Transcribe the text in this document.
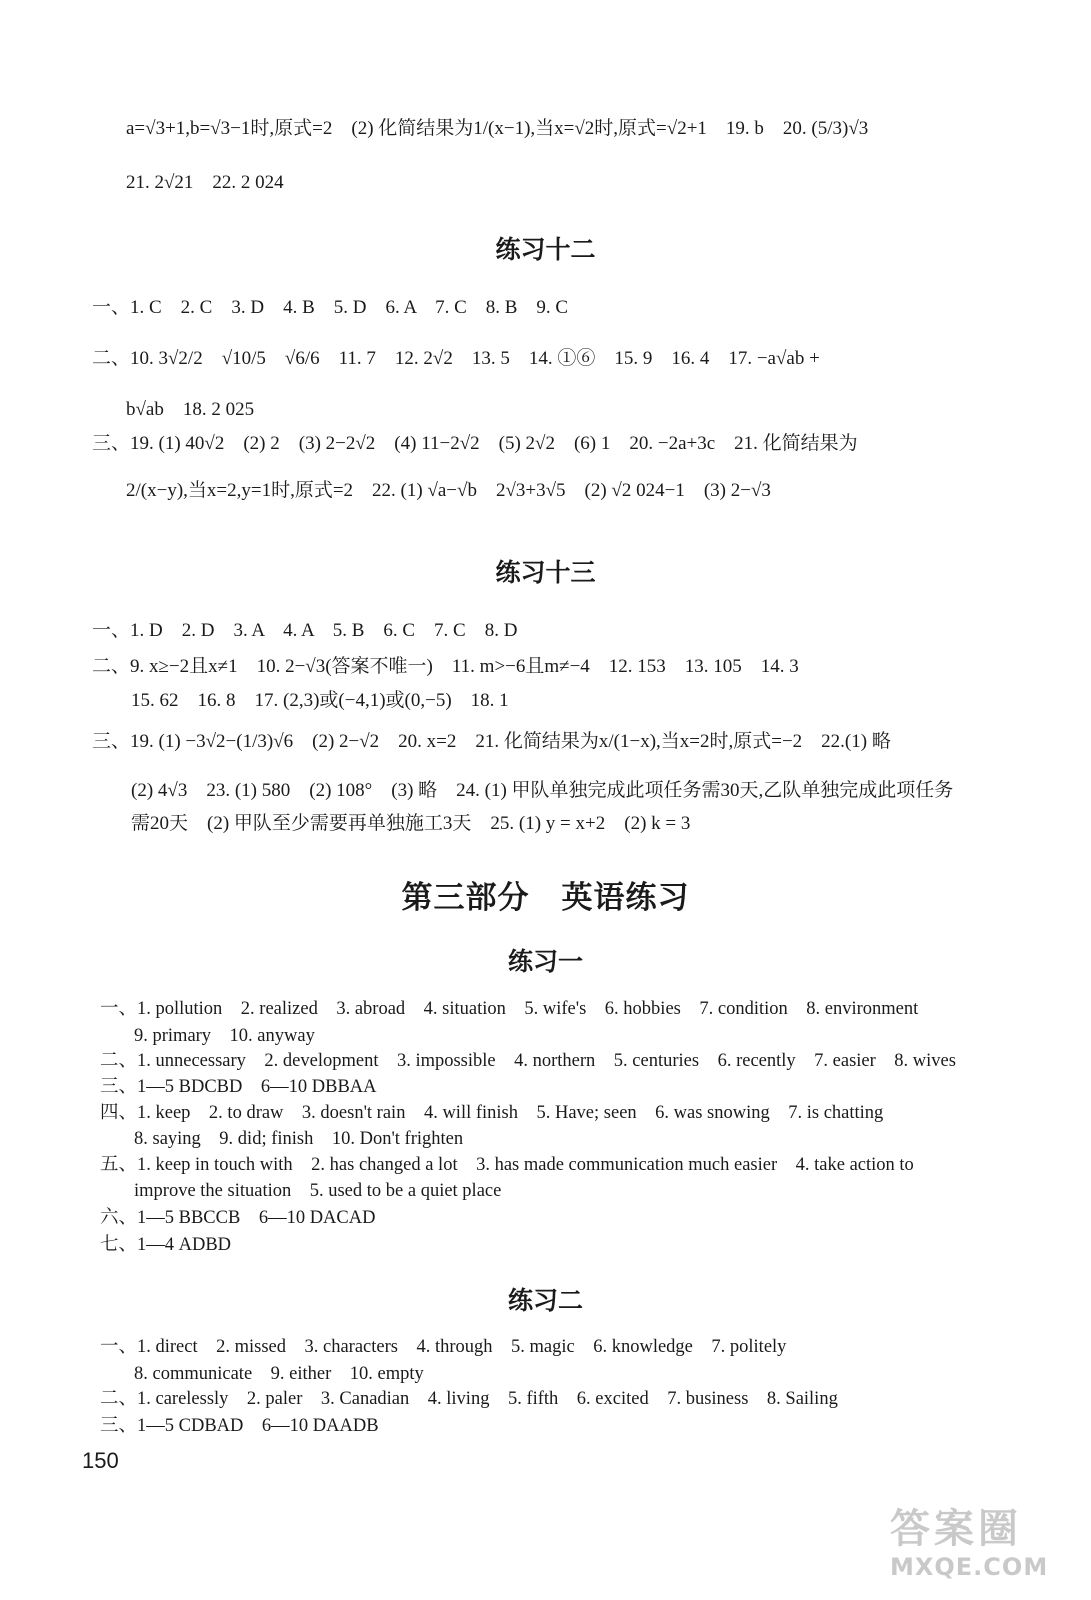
a=√3+1,b=√3−1时,原式=2　(2) 化简结果为1/(x−1),当x=√2时,原式=√2+1　19. b　20. (5/3)√3
21. 2√21　22. 2 024
练习十二
一、1. C　2. C　3. D　4. B　5. D　6. A　7. C　8. B　9. C
二、10. 3√2/2　√10/5　√6/6　11. 7　12. 2√2　13. 5　14. ①⑥　15. 9　16. 4　17. −a√ab +
b√ab　18. 2 025
三、19. (1) 40√2　(2) 2　(3) 2−2√2　(4) 11−2√2　(5) 2√2　(6) 1　20. −2a+3c　21. 化简结果为
2/(x−y),当x=2,y=1时,原式=2　22. (1) √a−√b　2√3+3√5　(2) √2 024−1　(3) 2−√3
练习十三
一、1. D　2. D　3. A　4. A　5. B　6. C　7. C　8. D
二、9. x≥−2且x≠1　10. 2−√3(答案不唯一)　11. m>−6且m≠−4　12. 153　13. 105　14. 3
15. 62　16. 8　17. (2,3)或(−4,1)或(0,−5)　18. 1
三、19. (1) −3√2−(1/3)√6　(2) 2−√2　20. x=2　21. 化简结果为x/(1−x),当x=2时,原式=−2　22.(1) 略
(2) 4√3　23. (1) 580　(2) 108°　(3) 略　24. (1) 甲队单独完成此项任务需30天,乙队单独完成此项任务
需20天　(2) 甲队至少需要再单独施工3天　25. (1) y = x+2　(2) k = 3
第三部分　英语练习
练习一
一、1. pollution　2. realized　3. abroad　4. situation　5. wife's　6. hobbies　7. condition　8. environment
9. primary　10. anyway
二、1. unnecessary　2. development　3. impossible　4. northern　5. centuries　6. recently　7. easier　8. wives
三、1—5 BDCBD　6—10 DBBAA
四、1. keep　2. to draw　3. doesn't rain　4. will finish　5. Have; seen　6. was snowing　7. is chatting
8. saying　9. did; finish　10. Don't frighten
五、1. keep in touch with　2. has changed a lot　3. has made communication much easier　4. take action to
improve the situation　5. used to be a quiet place
六、1—5 BBCCB　6—10 DACAD
七、1—4 ADBD
练习二
一、1. direct　2. missed　3. characters　4. through　5. magic　6. knowledge　7. politely
8. communicate　9. either　10. empty
二、1. carelessly　2. paler　3. Canadian　4. living　5. fifth　6. excited　7. business　8. Sailing
三、1—5 CDBAD　6—10 DAADB
150
答案圈
MXQE.COM
